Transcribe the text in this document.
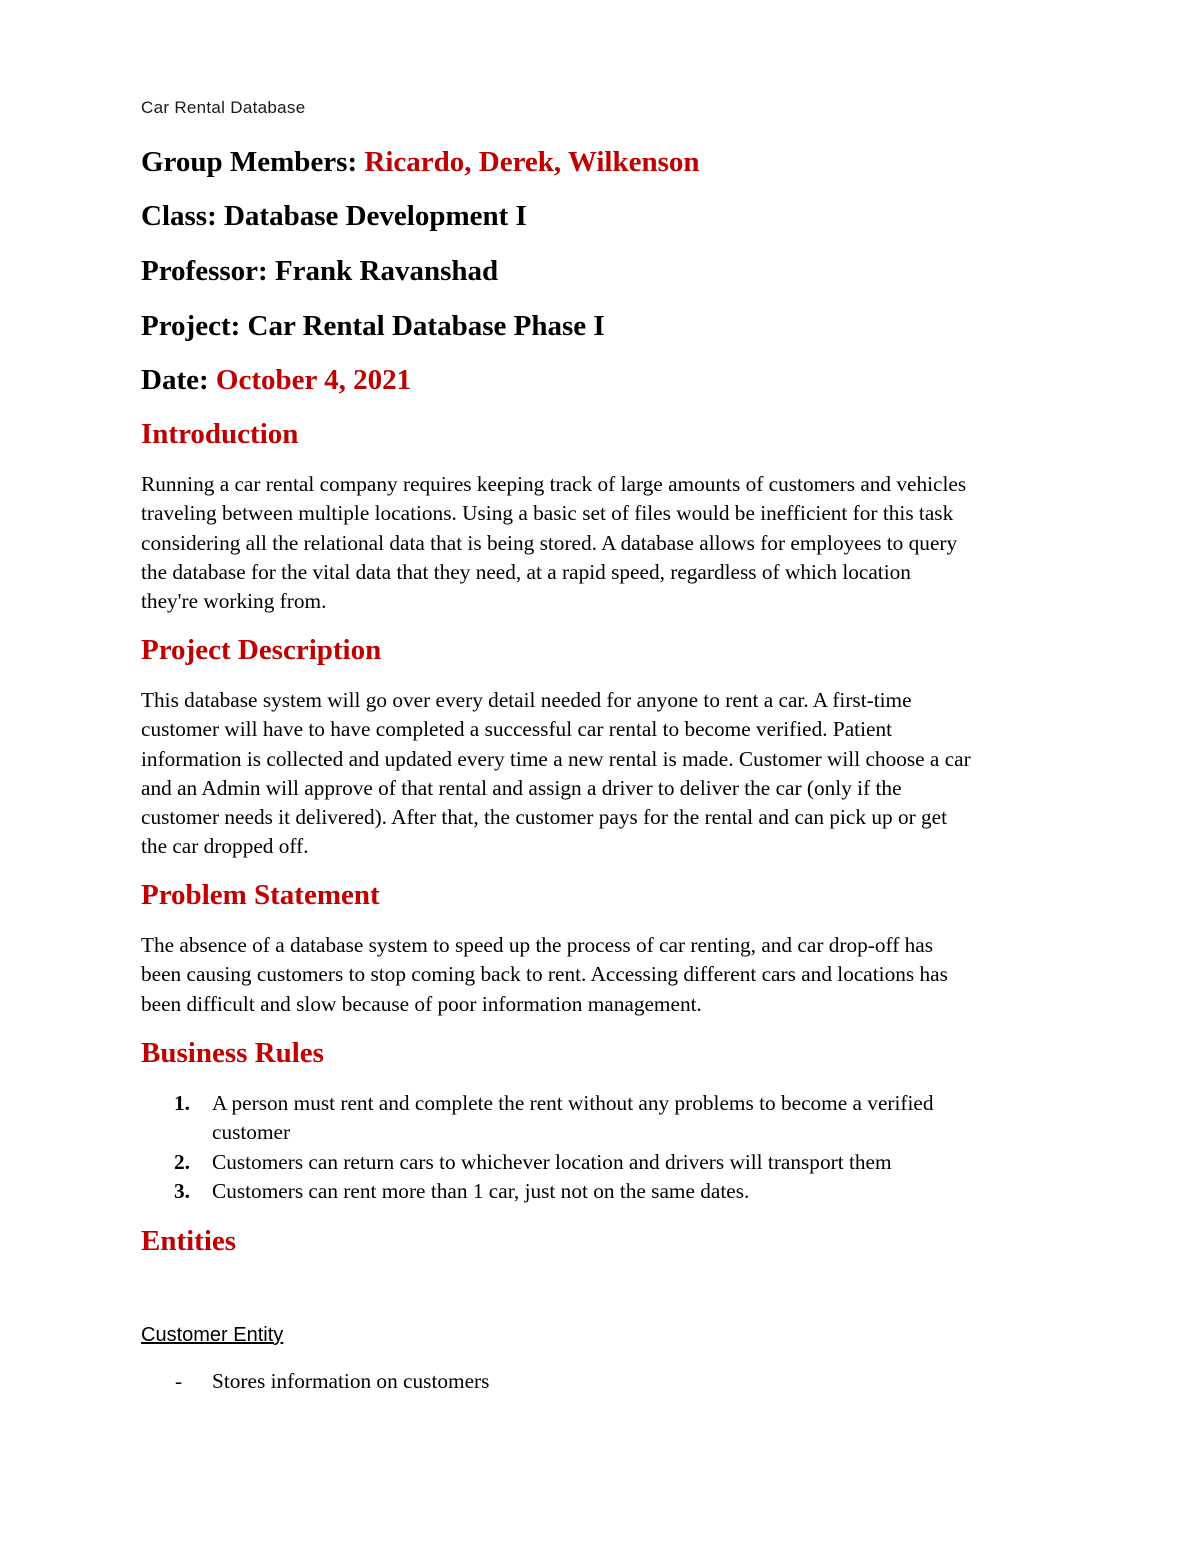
Car Rental Database
Group Members: Ricardo, Derek, Wilkenson
Class: Database Development I
Professor: Frank Ravanshad
Project: Car Rental Database Phase I
Date: October 4, 2021
Introduction
Running a car rental company requires keeping track of large amounts of customers and vehicles
traveling between multiple locations. Using a basic set of files would be inefficient for this task
considering all the relational data that is being stored. A database allows for employees to query
the database for the vital data that they need, at a rapid speed, regardless of which location
they're working from.
Project Description
This database system will go over every detail needed for anyone to rent a car. A first-time
customer will have to have completed a successful car rental to become verified. Patient
information is collected and updated every time a new rental is made. Customer will choose a car
and an Admin will approve of that rental and assign a driver to deliver the car (only if the
customer needs it delivered). After that, the customer pays for the rental and can pick up or get
the car dropped off.
Problem Statement
The absence of a database system to speed up the process of car renting, and car drop-off has
been causing customers to stop coming back to rent. Accessing different cars and locations has
been difficult and slow because of poor information management.
Business Rules
1. A person must rent and complete the rent without any problems to become a verified
customer
2. Customers can return cars to whichever location and drivers will transport them
3. Customers can rent more than 1 car, just not on the same dates.
Entities
Customer Entity
- Stores information on customers
